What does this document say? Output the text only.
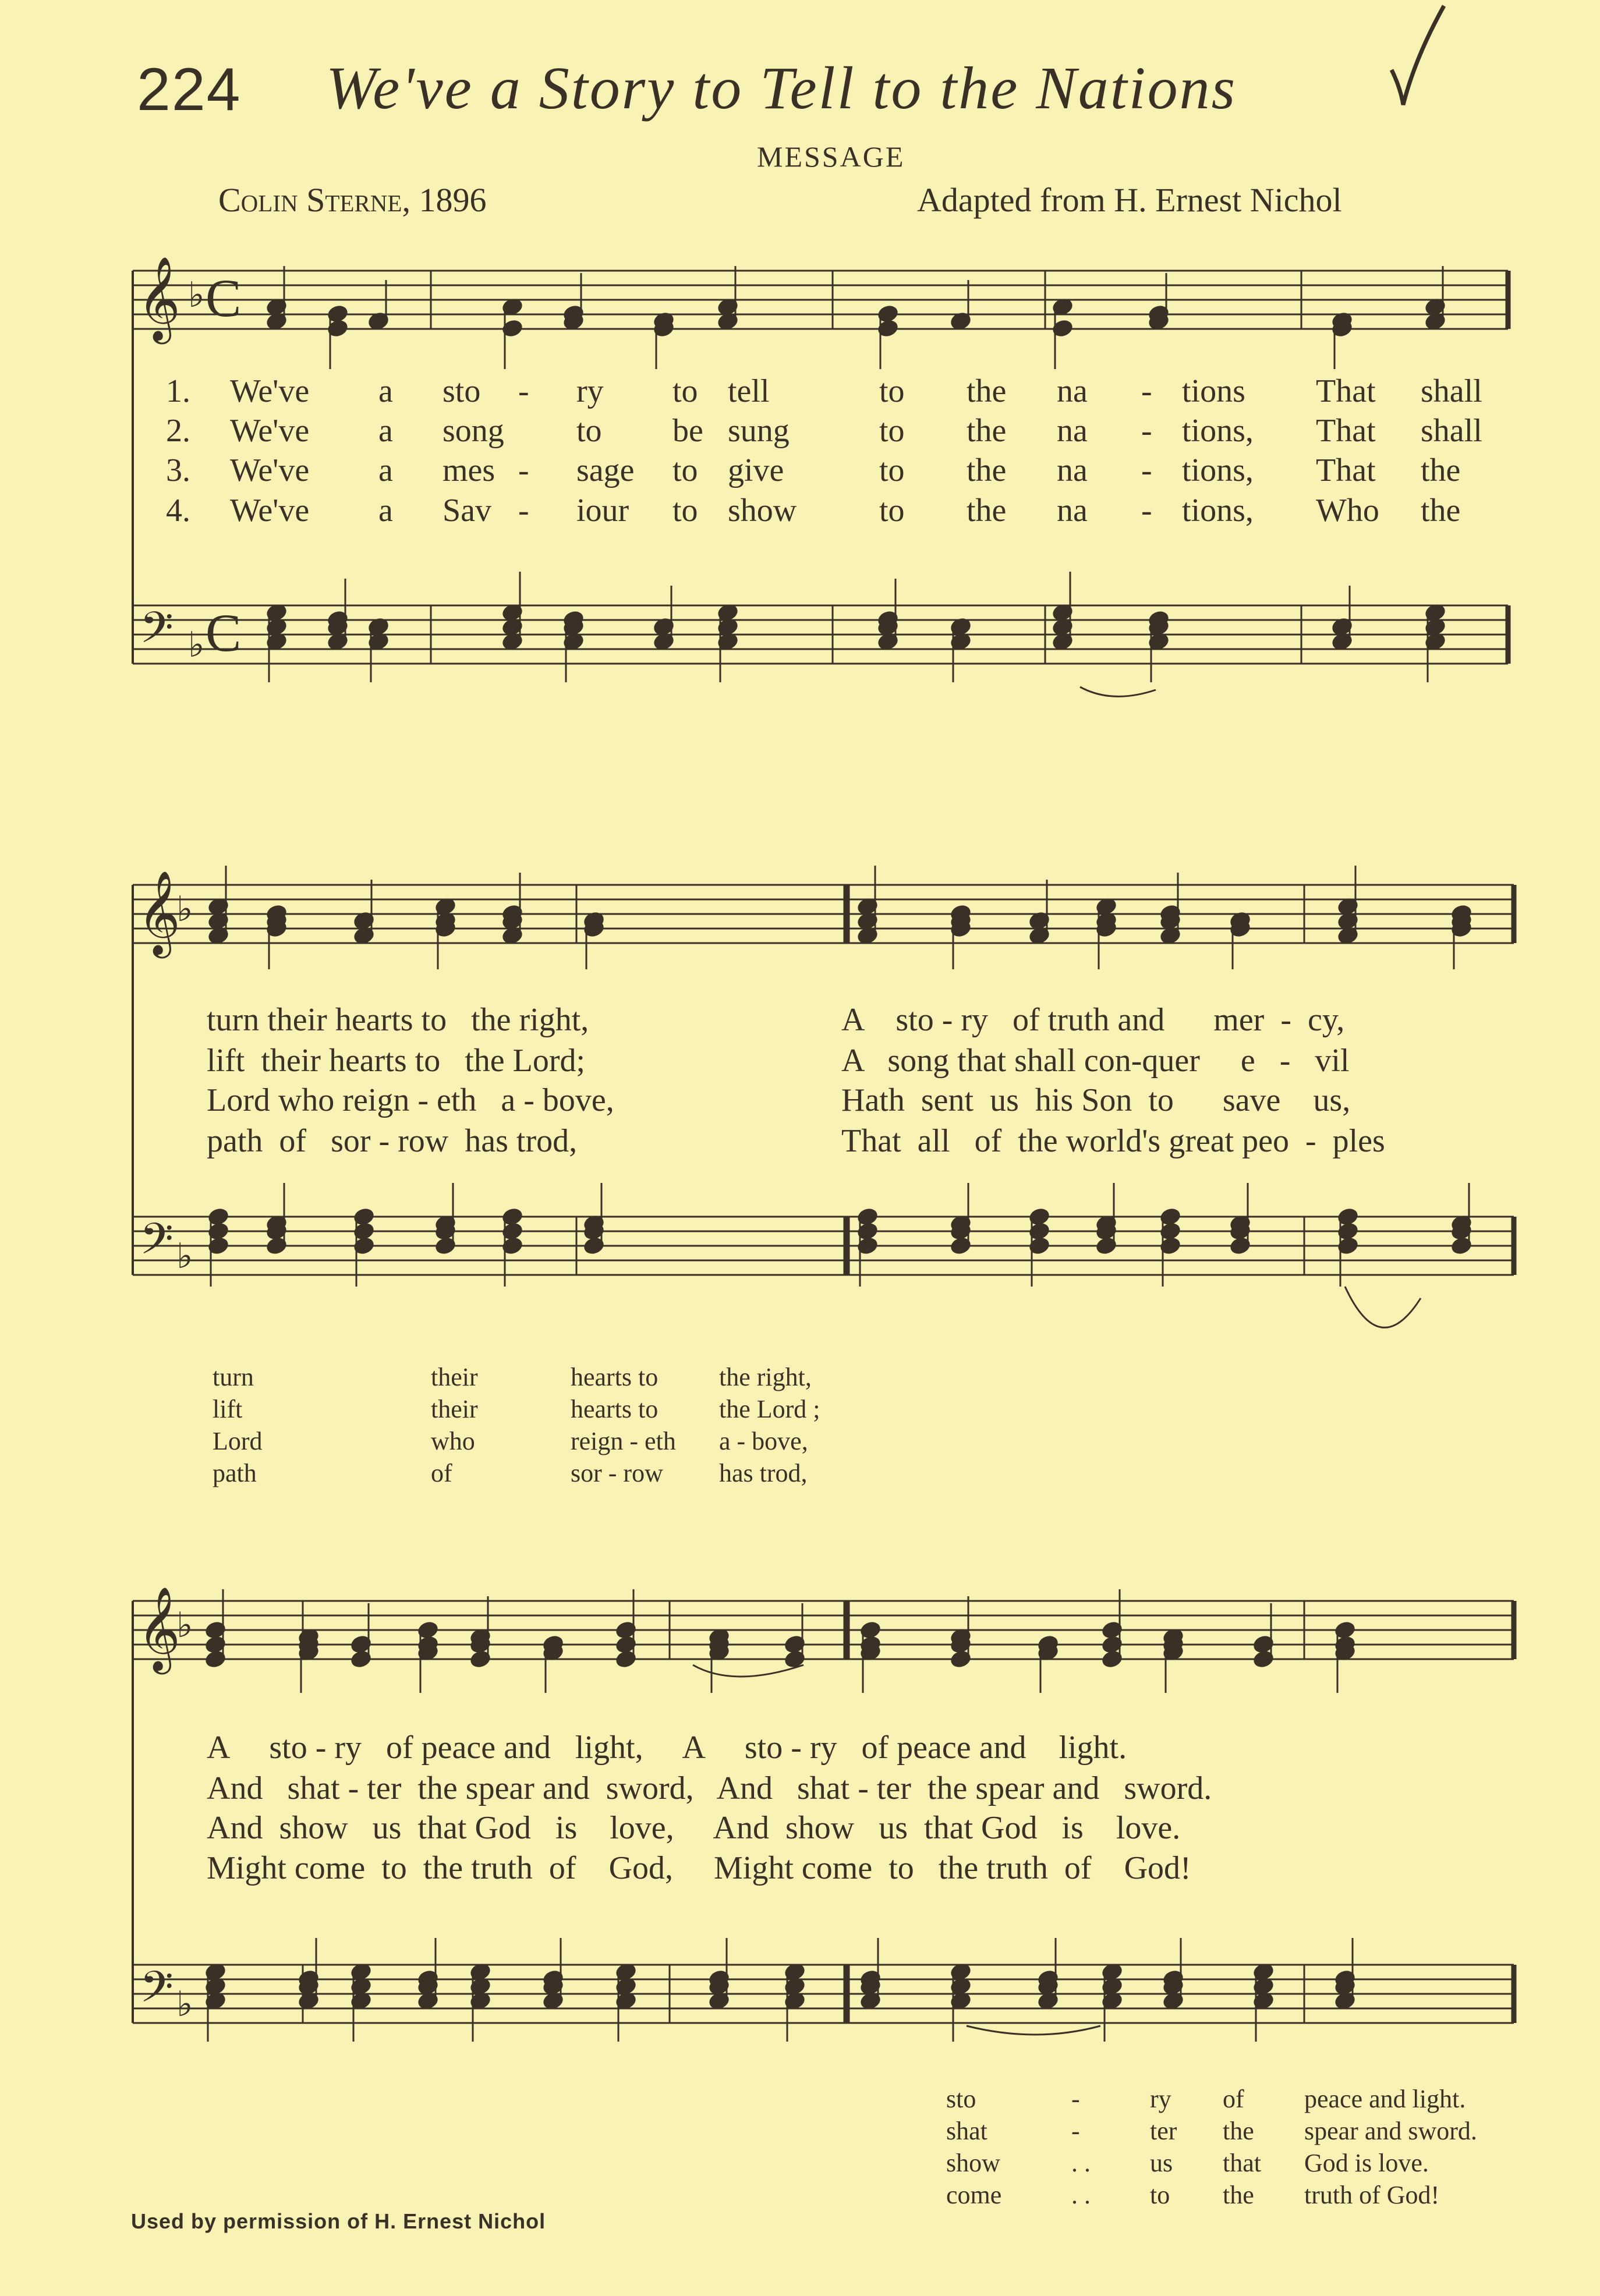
224 We've a Story to Tell to the Nations
MESSAGE
Colin Sterne, 1896	Adapted from H. Ernest Nichol
𝄞
𝄢
♭
♭
C
C
𝄞
𝄢
♭
♭
𝄞
𝄢
♭
♭
1. We've a sto - ry to tell	to the na - tions That shall
2. We've a song to be sung	to the na - tions, That shall
3. We've a mes - sage to give	to the na - tions, That the
4. We've a Sav - iour to show	to the na - tions, Who the
turn their hearts to   the right,
lift  their hearts to   the Lord;
Lord who reign - eth   a - bove,
path  of   sor - row  has trod,
A    sto - ry   of truth and      mer  -  cy,
A   song that shall con-quer     e   -   vil
Hath  sent  us  his Son  to      save    us,
That  all   of  the world's great peo  -  ples
turn	their	hearts to the right,
lift	their	hearts to the Lord ;
Lord	who	reign - eth a - bove,
path	of	sor - row has trod,
A     sto - ry   of peace and   light,     A     sto - ry   of peace and    light.
And   shat - ter  the spear and  sword,   And   shat - ter  the spear and   sword.
And  show   us  that God   is    love,     And  show   us  that God   is    love.
Might come  to  the truth  of    God,     Might come  to   the truth  of    God!
sto	-	ry of peace and light.
shat	-	ter the spear and sword.
show	. . us that God is love.
come	. . to the truth of God!
Used by permission of H. Ernest Nichol
